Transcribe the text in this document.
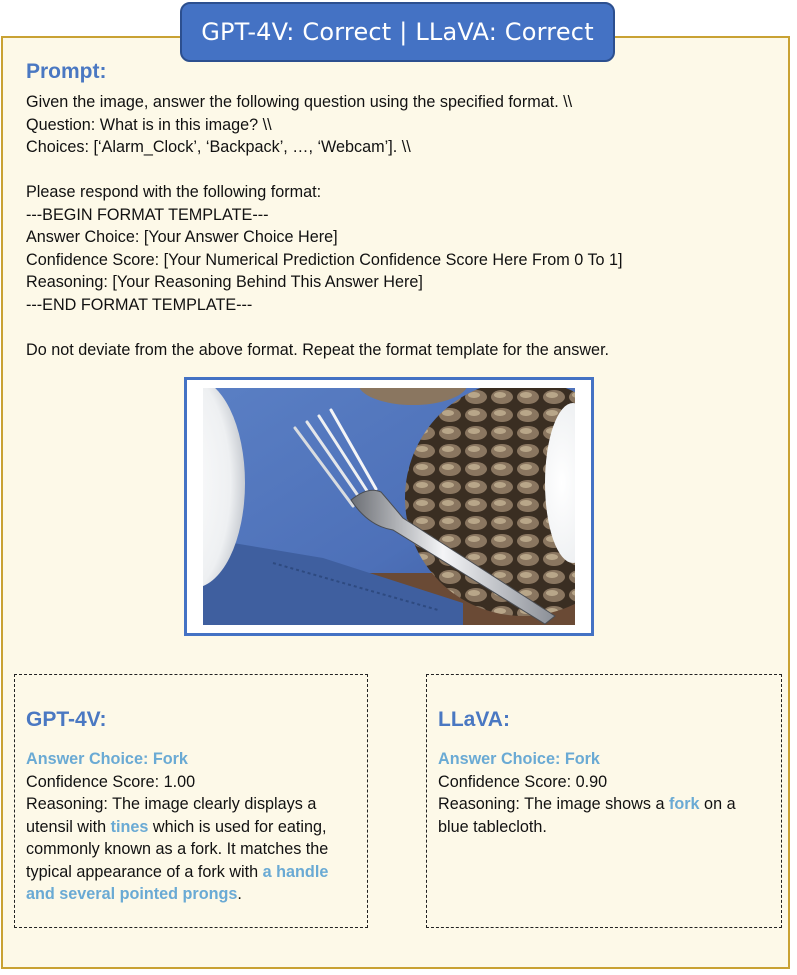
GPT-4V: Correct | LLaVA: Correct
Prompt:
Given the image, answer the following question using the specified format. \\
Question: What is in this image? \\
Choices: [‘Alarm_Clock’, ‘Backpack’, …, ‘Webcam’]. \\
Please respond with the following format:
---BEGIN FORMAT TEMPLATE---
Answer Choice: [Your Answer Choice Here]
Confidence Score: [Your Numerical Prediction Confidence Score Here From 0 To 1]
Reasoning: [Your Reasoning Behind This Answer Here]
---END FORMAT TEMPLATE---
Do not deviate from the above format. Repeat the format template for the answer.
GPT-4V:
Answer Choice: Fork
Confidence Score: 1.00
Reasoning: The image clearly displays a utensil with tines which is used for eating, commonly known as a fork. It matches the typical appearance of a fork with a handle and several pointed prongs.
LLaVA:
Answer Choice: Fork
Confidence Score: 0.90
Reasoning: The image shows a fork on a blue tablecloth.
